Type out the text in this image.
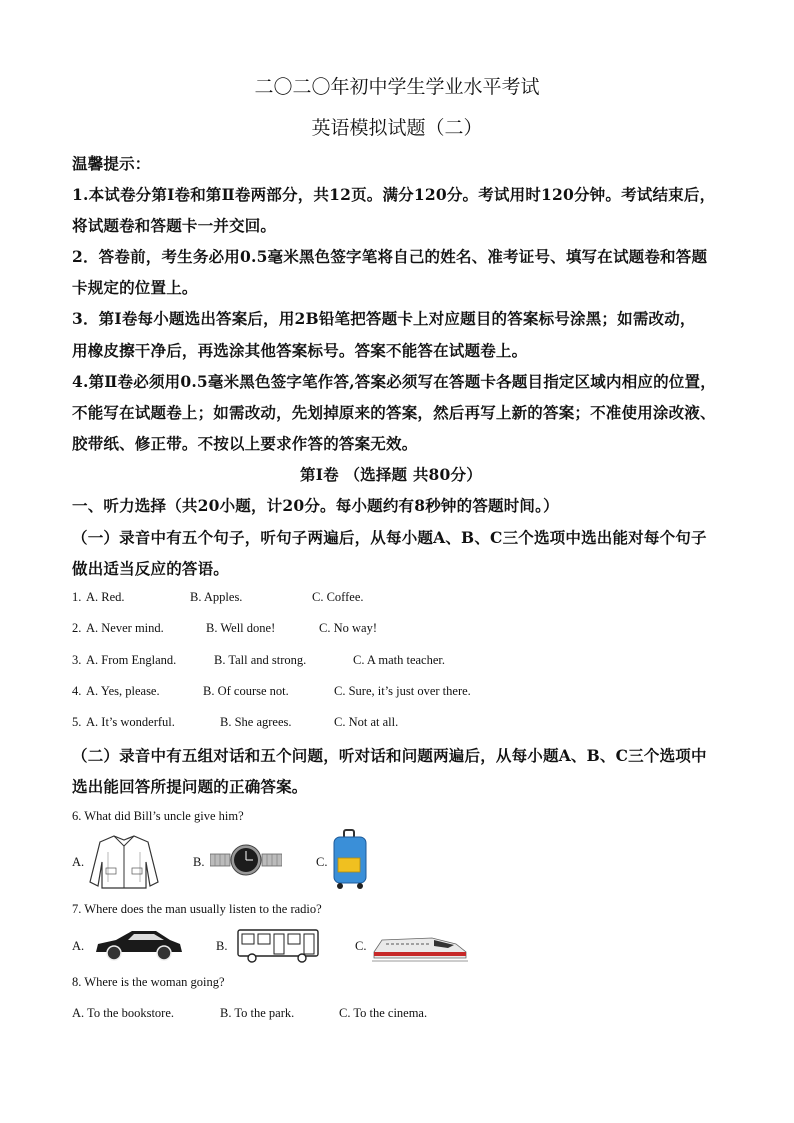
二〇二〇年初中学生学业水平考试
英语模拟试题（二）
温馨提示：
1.本试卷分第Ⅰ卷和第Ⅱ卷两部分，共12页。满分120分。考试用时120分钟。考试结束后，
将试题卷和答题卡一并交回。
2．答卷前，考生务必用0.5毫米黑色签字笔将自己的姓名、准考证号、填写在试题卷和答题
卡规定的位置上。
3．第Ⅰ卷每小题选出答案后，用2B铅笔把答题卡上对应题目的答案标号涂黑；如需改动，
用橡皮擦干净后，再选涂其他答案标号。答案不能答在试题卷上。
4.第Ⅱ卷必须用0.5毫米黑色签字笔作答,答案必须写在答题卡各题目指定区域内相应的位置，
不能写在试题卷上；如需改动，先划掉原来的答案，然后再写上新的答案；不准使用涂改液、
胶带纸、修正带。不按以上要求作答的答案无效。
第Ⅰ卷 （选择题 共80分）
一、听力选择（共20小题，计20分。每小题约有8秒钟的答题时间。）
（一）录音中有五个句子，听句子两遍后，从每小题A、B、C三个选项中选出能对每个句子
做出适当反应的答语。
1. A. Red.	B. Apples.	C. Coffee.
2. A. Never mind.	B. Well done!	C. No way!
3. A. From England.	B. Tall and strong.	C. A math teacher.
4. A. Yes, please.	B. Of course not.	C. Sure, it’s just over there.
5. A. It’s wonderful.	B. She agrees.	C. Not at all.
（二）录音中有五组对话和五个问题，听对话和问题两遍后，从每小题A、B、C三个选项中
选出能回答所提问题的正确答案。
6. What did Bill’s uncle give him?
A.	B.	C.
7. Where does the man usually listen to the radio?
A.	B.	C.
8. Where is the woman going?
A. To the bookstore.	B. To the park.	C. To the cinema.
